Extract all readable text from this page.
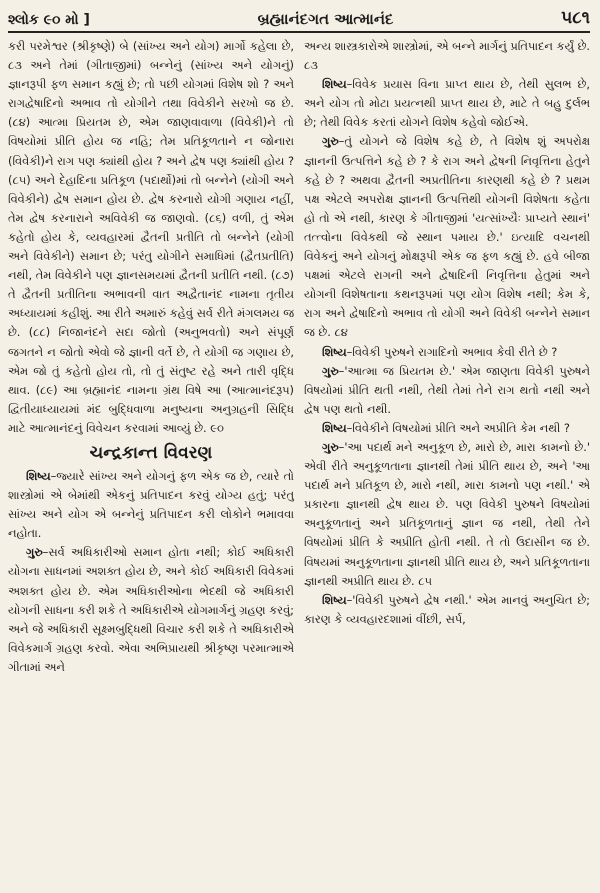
શ્લોક ૯૦ મો ]	બ્રહ્માનંદગત આત્માનંદ	૫૮૧

કરી પરમેશ્વર (શ્રીકૃષ્ણે) બે (સાંખ્ય અને યોગ) માર્ગો કહેલા છે, ૮૩ અને તેમાં (ગીતાજીમાં) બન્નેનું (સાંખ્ય અને યોગનું) જ્ઞાનરૂપી ફળ સમાન કહ્યું છે; તો પછી યોગમાં વિશેષ શો ? અને રાગદ્વેષાદિનો અભાવ તો યોગીને તથા વિવેકીને સરખો જ છે. (૮૪) આત્મા પ્રિયતમ છે, એમ જાણવાવાળા (વિવેકી)ને તો વિષયોમાં પ્રીતિ હોય જ નહિ; તેમ પ્રતિકૂળતાને ન જોનારા (વિવેકી)ને રાગ પણ ક્યાંથી હોય ? અને દ્વેષ પણ ક્યાંથી હોય ? (૮૫) અને દેહાદિના પ્રતિકૂળ (પદાર્થો)માં તો બન્નેને (યોગી અને વિવેકીને) દ્વેષ સમાન હોય છે. દ્વેષ કરનારો યોગી ગણાય નહીં, તેમ દ્વેષ કરનારાને અવિવેકી જ જાણવો. (૮૬) વળી, તું એમ કહેતો હોય કે, વ્યવહારમાં દ્વૈતની પ્રતીતિ તો બન્નેને (યોગી અને વિવેકીને) સમાન છે; પરંતુ યોગીને સમાધિમાં (દ્વૈતપ્રતીતિ) નથી, તેમ વિવેકીને પણ જ્ઞાનસમયમાં દ્વૈતની પ્રતીતિ નથી. (૮૭) તે દ્વૈતની પ્રતીતિના અભાવની વાત અદ્વૈતાનંદ નામના તૃતીય અધ્યાયમાં કહીશું. આ રીતે અમારું કહેવું સર્વ રીતે મંગલમય જ છે. (૮૮) નિજાનંદને સદા જોતો (અનુભવતો) અને સંપૂર્ણ જગતને ન જોતો એવો જે જ્ઞાની વર્તે છે, તે યોગી જ ગણાય છે, એમ જો તું કહેતો હોય તો, તો તું સંતુષ્ટ રહે અને તારી વૃદ્ધિ થાવ. (૮૯) આ બ્રહ્માનંદ નામના ગ્રંથ વિષે આ (આત્માનંદરૂપ) દ્વિતીયાધ્યાયમાં મંદ બુદ્ધિવાળા મનુષ્યના અનુગ્રહની સિદ્ધિ માટે આત્માનંદનું વિવેચન કરવામાં આવ્યું છે. ૯૦

ચન્દ્રકાન્ત વિવરણ

શિષ્ય–જ્યારે સાંખ્ય અને યોગનું ફળ એક જ છે, ત્યારે તો શાસ્ત્રોમાં એ બેમાંથી એકનું પ્રતિપાદન કરવું યોગ્ય હતું; પરંતુ સાંખ્ય અને યોગ એ બન્નેનું પ્રતિપાદન કરી લોકોને ભમાવવા નહોતા.

ગુરુ–સર્વ અધિકારીઓ સમાન હોતા નથી; કોઈ અધિકારી યોગના સાધનમાં અશક્ત હોય છે, અને કોઈ અધિકારી વિવેકમાં અશક્ત હોય છે. એમ અધિકારીઓના ભેદથી જે અધિકારી યોગની સાધના કરી શકે તે અધિકારીએ યોગમાર્ગનું ગ્રહણ કરવું; અને જે અધિકારી સૂક્ષ્મબુદ્ધિથી વિચાર કરી શકે તે અધિકારીએ વિવેકમાર્ગ ગ્રહણ કરવો. એવા અભિપ્રાયથી શ્રીકૃષ્ણ પરમાત્માએ ગીતામાં અને

અન્ય શાસ્ત્રકારોએ શાસ્ત્રોમાં, એ બન્ને માર્ગનું પ્રતિપાદન કર્યું છે. ૮૩

શિષ્ય–વિવેક પ્રયાસ વિના પ્રાપ્ત થાય છે, તેથી સુલભ છે, અને યોગ તો મોટા પ્રયત્નથી પ્રાપ્ત થાય છે, માટે તે બહુ દુર્લભ છે; તેથી વિવેક કરતાં યોગને વિશેષ કહેવો જોઈએ.

ગુરુ–તું યોગને જે વિશેષ કહે છે, તે વિશેષ શું અપરોક્ષ જ્ઞાનની ઉત્પત્તિને કહે છે ? કે રાગ અને દ્વેષની નિવૃત્તિના હેતુને કહે છે ? અથવા દ્વૈતની અપ્રતીતિના કારણથી કહે છે ? પ્રથમ પક્ષ એટલે અપરોક્ષ જ્ઞાનની ઉત્પત્તિથી યોગની વિશેષતા કહેતા હો તો એ નથી, કારણ કે ગીતાજીમાં 'યત્સાંખ્યૈઃ પ્રાપ્યતે સ્થાનં' તત્ત્વોના વિવેકથી જે સ્થાન પમાય છે.' ઇત્યાદિ વચનથી વિવેકનું અને યોગનું મોક્ષરૂપી એક જ ફળ કહ્યું છે. હવે બીજા પક્ષમાં એટલે રાગની અને દ્વેષાદિની નિવૃત્તિના હેતુમાં અને યોગની વિશેષતાના કથનરૂપમાં પણ યોગ વિશેષ નથી; કેમ કે, રાગ અને દ્વેષાદિનો અભાવ તો યોગી અને વિવેકી બન્નેને સમાન જ છે. ૮૪

શિષ્ય–વિવેકી પુરુષને રાગાદિનો અભાવ કેવી રીતે છે ?

ગુરુ–'આત્મા જ પ્રિયતમ છે.' એમ જાણતા વિવેકી પુરુષને વિષયોમાં પ્રીતિ થતી નથી, તેથી તેમાં તેને રાગ થતો નથી અને દ્વેષ પણ થતો નથી.

શિષ્ય–વિવેકીને વિષયોમાં પ્રીતિ અને અપ્રીતિ કેમ નથી ?

ગુરુ–'આ પદાર્થ મને અનુકૂળ છે, મારો છે, મારા કામનો છે.' એવી રીતે અનુકૂળતાના જ્ઞાનથી તેમાં પ્રીતિ થાય છે, અને 'આ પદાર્થ મને પ્રતિકૂળ છે, મારો નથી, મારા કામનો પણ નથી.' એ પ્રકારના જ્ઞાનથી દ્વેષ થાય છે. પણ વિવેકી પુરુષને વિષયોમાં અનુકૂળતાનું અને પ્રતિકૂળતાનું જ્ઞાન જ નથી, તેથી તેને વિષયોમાં પ્રીતિ કે અપ્રીતિ હોતી નથી. તે તો ઉદાસીન જ છે. વિષયમાં અનુકૂળતાના જ્ઞાનથી પ્રીતિ થાય છે, અને પ્રતિકૂળતાના જ્ઞાનથી અપ્રીતિ થાય છે. ૮૫

શિષ્ય–'વિવેકી પુરુષને દ્વેષ નથી.' એમ માનવું અનુચિત છે; કારણ કે વ્યવહારદશામાં વીંછી, સર્પ,
